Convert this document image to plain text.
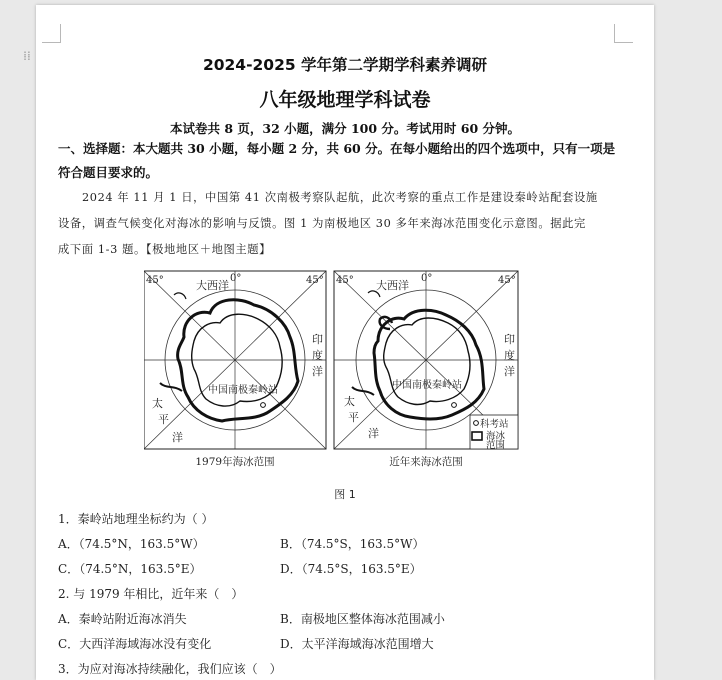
2024-2025 学年第二学期学科素养调研
八年级地理学科试卷
本试卷共 8 页，32 小题，满分 100 分。考试用时 60 分钟。
一、选择题：本大题共 30 小题，每小题 2 分，共 60 分。在每小题给出的四个选项中，只有一项是
符合题目要求的。
2024 年 11 月 1 日，中国第 41 次南极考察队起航，此次考察的重点工作是建设秦岭站配套设施
设备，调查气候变化对海冰的影响与反馈。图 1 为南极地区 30 多年来海冰范围变化示意图。据此完
成下面 1-3 题。【极地地区＋地图主题】
45°	0°	45°
大西洋
印
度
洋
太
平
洋
中国南极秦岭站
1979年海冰范围
45°	0°	45°
大西洋
印
度
洋
太
平
洋
中国南极秦岭站
科考站
海冰
范围
近年来海冰范围
图 1
1．秦岭站地理坐标约为（ ）
A．（74.5°N，163.5°W）	B．（74.5°S，163.5°W）
C．（74.5°N，163.5°E）	D．（74.5°S，163.5°E）
2. 与 1979 年相比，近年来（　）
A．秦岭站附近海冰消失	B．南极地区整体海冰范围减小
C．大西洋海域海冰没有变化	D．太平洋海域海冰范围增大
3．为应对海冰持续融化，我们应该（　）
⁞⁞
